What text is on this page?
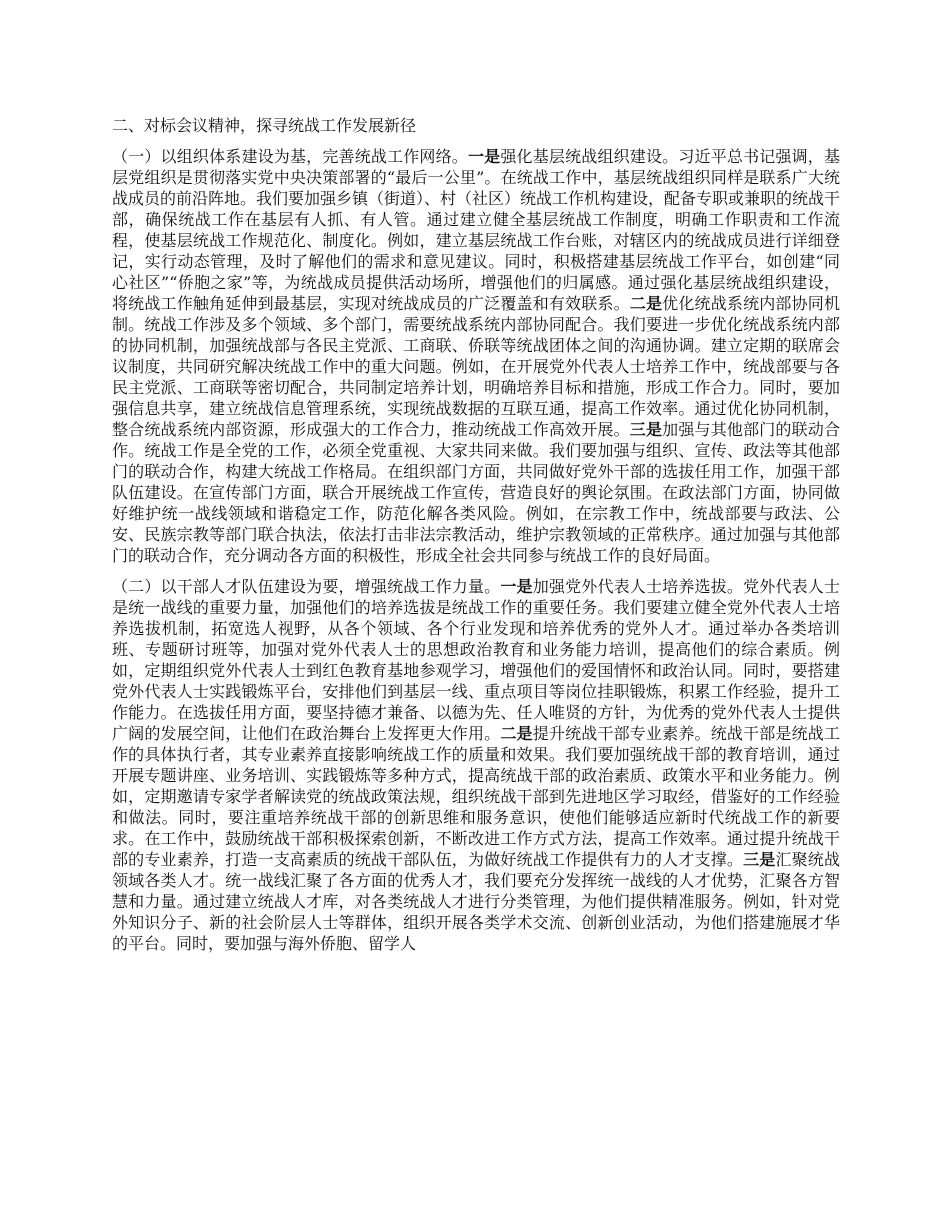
二、对标会议精神，探寻统战工作发展新径

（一）以组织体系建设为基，完善统战工作网络。一是强化基层统战组织建设。习近平总书记强调，基层党组织是贯彻落实党中央决策部署的“最后一公里”。在统战工作中，基层统战组织同样是联系广大统战成员的前沿阵地。我们要加强乡镇（街道）、村（社区）统战工作机构建设，配备专职或兼职的统战干部，确保统战工作在基层有人抓、有人管。通过建立健全基层统战工作制度，明确工作职责和工作流程，使基层统战工作规范化、制度化。例如，建立基层统战工作台账，对辖区内的统战成员进行详细登记，实行动态管理，及时了解他们的需求和意见建议。同时，积极搭建基层统战工作平台，如创建“同心社区”“侨胞之家”等，为统战成员提供活动场所，增强他们的归属感。通过强化基层统战组织建设，将统战工作触角延伸到最基层，实现对统战成员的广泛覆盖和有效联系。二是优化统战系统内部协同机制。统战工作涉及多个领域、多个部门，需要统战系统内部协同配合。我们要进一步优化统战系统内部的协同机制，加强统战部与各民主党派、工商联、侨联等统战团体之间的沟通协调。建立定期的联席会议制度，共同研究解决统战工作中的重大问题。例如，在开展党外代表人士培养工作中，统战部要与各民主党派、工商联等密切配合，共同制定培养计划，明确培养目标和措施，形成工作合力。同时，要加强信息共享，建立统战信息管理系统，实现统战数据的互联互通，提高工作效率。通过优化协同机制，整合统战系统内部资源，形成强大的工作合力，推动统战工作高效开展。三是加强与其他部门的联动合作。统战工作是全党的工作，必须全党重视、大家共同来做。我们要加强与组织、宣传、政法等其他部门的联动合作，构建大统战工作格局。在组织部门方面，共同做好党外干部的选拔任用工作，加强干部队伍建设。在宣传部门方面，联合开展统战工作宣传，营造良好的舆论氛围。在政法部门方面，协同做好维护统一战线领域和谐稳定工作，防范化解各类风险。例如，在宗教工作中，统战部要与政法、公安、民族宗教等部门联合执法，依法打击非法宗教活动，维护宗教领域的正常秩序。通过加强与其他部门的联动合作，充分调动各方面的积极性，形成全社会共同参与统战工作的良好局面。

（二）以干部人才队伍建设为要，增强统战工作力量。一是加强党外代表人士培养选拔。党外代表人士是统一战线的重要力量，加强他们的培养选拔是统战工作的重要任务。我们要建立健全党外代表人士培养选拔机制，拓宽选人视野，从各个领域、各个行业发现和培养优秀的党外人才。通过举办各类培训班、专题研讨班等，加强对党外代表人士的思想政治教育和业务能力培训，提高他们的综合素质。例如，定期组织党外代表人士到红色教育基地参观学习，增强他们的爱国情怀和政治认同。同时，要搭建党外代表人士实践锻炼平台，安排他们到基层一线、重点项目等岗位挂职锻炼，积累工作经验，提升工作能力。在选拔任用方面，要坚持德才兼备、以德为先、任人唯贤的方针，为优秀的党外代表人士提供广阔的发展空间，让他们在政治舞台上发挥更大作用。二是提升统战干部专业素养。统战干部是统战工作的具体执行者，其专业素养直接影响统战工作的质量和效果。我们要加强统战干部的教育培训，通过开展专题讲座、业务培训、实践锻炼等多种方式，提高统战干部的政治素质、政策水平和业务能力。例如，定期邀请专家学者解读党的统战政策法规，组织统战干部到先进地区学习取经，借鉴好的工作经验和做法。同时，要注重培养统战干部的创新思维和服务意识，使他们能够适应新时代统战工作的新要求。在工作中，鼓励统战干部积极探索创新，不断改进工作方式方法，提高工作效率。通过提升统战干部的专业素养，打造一支高素质的统战干部队伍，为做好统战工作提供有力的人才支撑。三是汇聚统战领域各类人才。统一战线汇聚了各方面的优秀人才，我们要充分发挥统一战线的人才优势，汇聚各方智慧和力量。通过建立统战人才库，对各类统战人才进行分类管理，为他们提供精准服务。例如，针对党外知识分子、新的社会阶层人士等群体，组织开展各类学术交流、创新创业活动，为他们搭建施展才华的平台。同时，要加强与海外侨胞、留学人
